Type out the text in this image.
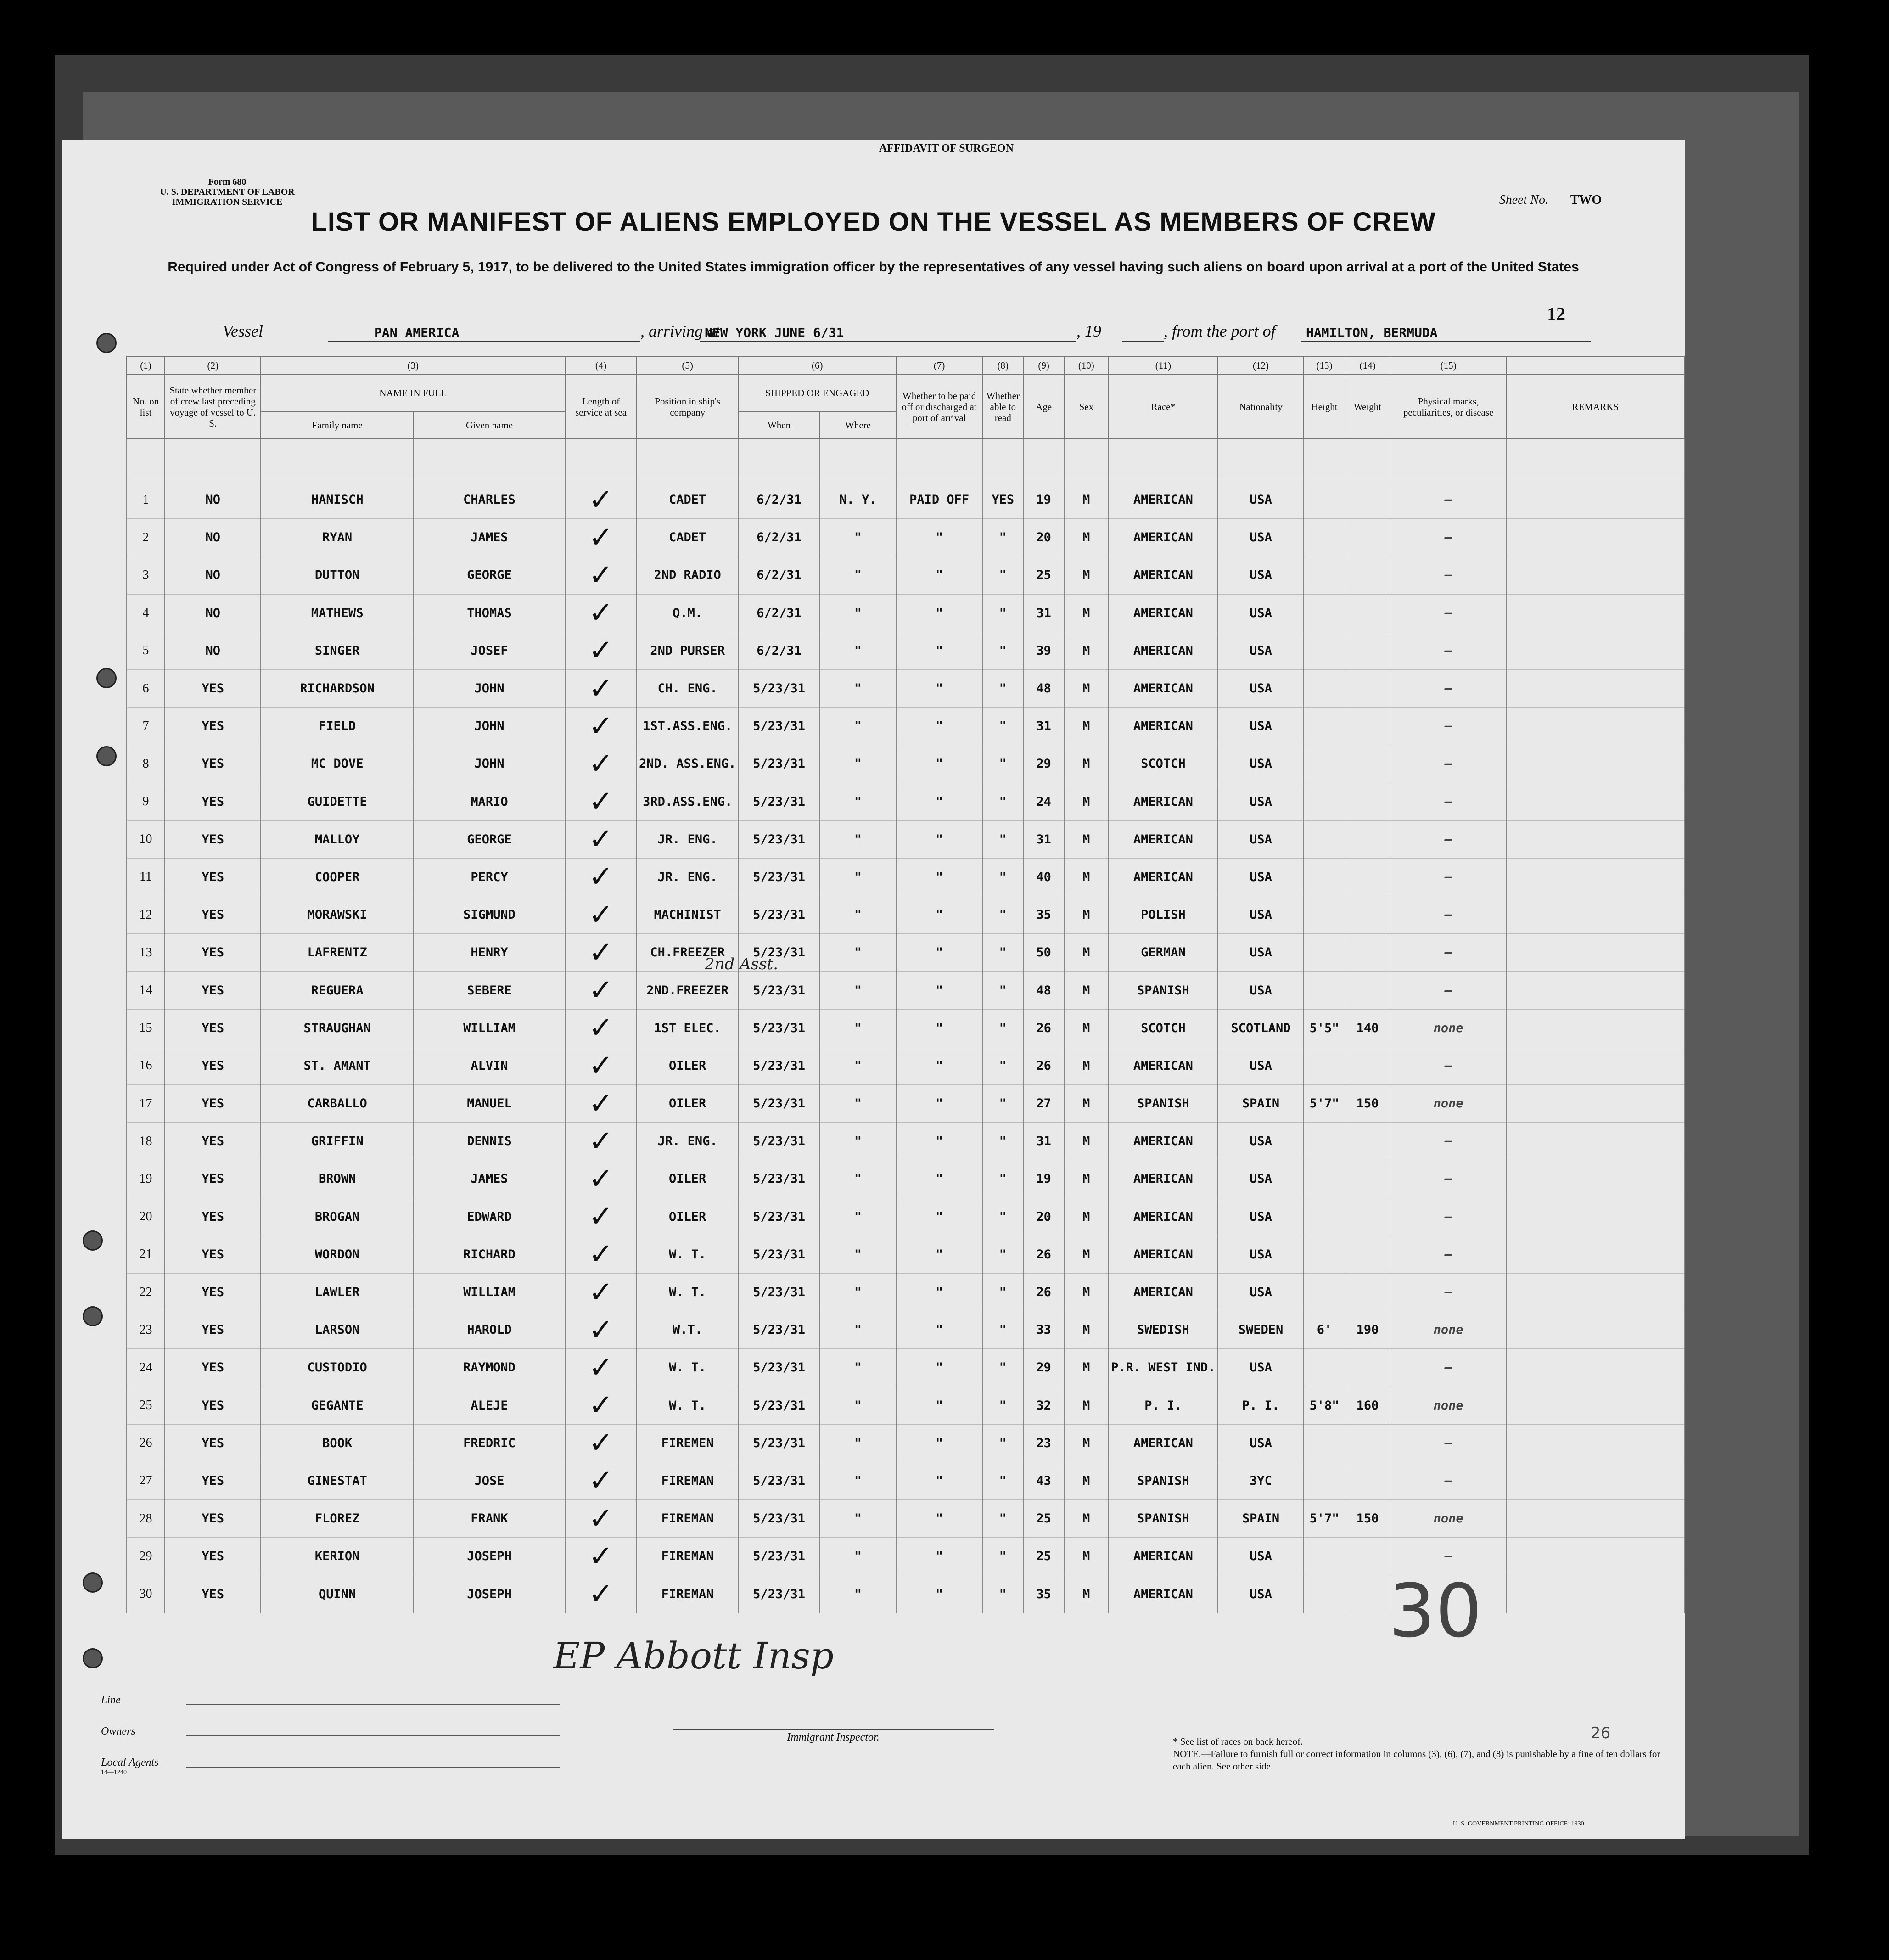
AFFIDAVIT OF SURGEON
Form 680
U. S. DEPARTMENT OF LABOR
IMMIGRATION SERVICE	Sheet No. TWO
LIST OR MANIFEST OF ALIENS EMPLOYED ON THE VESSEL AS MEMBERS OF CREW
Required under Act of Congress of February 5, 1917, to be delivered to the United States immigration officer by the representatives of any vessel having such aliens on board upon arrival at a port of the United States
Vessel	PAN AMERICA	, arriving at
NEW YORK JUNE 6/31	, 19	, from the port of HAMILTON, BERMUDA
12
(1)	(2)	(3)		(4)	(5)	(6)		(7)	(8)	(9)	(10)	(11)	(12)	(13)	(14)	(15)	
No. on list	State whether member of crew last preceding voyage of vessel to U. S.	NAME IN FULL		Length of service at sea	Position in ship's company	SHIPPED OR ENGAGED		Whether to be paid off or discharged at port of arrival	Whether able to read	Age	Sex	Race*	Nationality	Height	Weight	Physical marks, peculiarities, or disease	REMARKS
		Family name	Given name			When	Where										

1	NO	HANISCH	CHARLES	✓	CADET	6/2/31	N. Y.	PAID OFF	YES	19	M	AMERICAN	USA			—	
2	NO	RYAN	JAMES	✓	CADET	6/2/31	"	"	"	20	M	AMERICAN	USA			—	
3	NO	DUTTON	GEORGE	✓	2ND RADIO	6/2/31	"	"	"	25	M	AMERICAN	USA			—	
4	NO	MATHEWS	THOMAS	✓	Q.M.	6/2/31	"	"	"	31	M	AMERICAN	USA			—	
5	NO	SINGER	JOSEF	✓	2ND PURSER	6/2/31	"	"	"	39	M	AMERICAN	USA			—	
6	YES	RICHARDSON	JOHN	✓	CH. ENG.	5/23/31	"	"	"	48	M	AMERICAN	USA			—	
7	YES	FIELD	JOHN	✓	1ST.ASS.ENG.	5/23/31	"	"	"	31	M	AMERICAN	USA			—	
8	YES	MC DOVE	JOHN	✓	2ND. ASS.ENG.	5/23/31	"	"	"	29	M	SCOTCH	USA			—	
9	YES	GUIDETTE	MARIO	✓	3RD.ASS.ENG.	5/23/31	"	"	"	24	M	AMERICAN	USA			—	
10	YES	MALLOY	GEORGE	✓	JR. ENG.	5/23/31	"	"	"	31	M	AMERICAN	USA			—	
11	YES	COOPER	PERCY	✓	JR. ENG.	5/23/31	"	"	"	40	M	AMERICAN	USA			—	
12	YES	MORAWSKI	SIGMUND	✓	MACHINIST	5/23/31	"	"	"	35	M	POLISH	USA			—	
13	YES	LAFRENTZ	HENRY	✓	CH.FREEZER	5/23/31	"	"	"	50	M	GERMAN	USA			—	
14	YES	REGUERA	SEBERE	✓	2ND.FREEZER	5/23/31	"	"	"	48	M	SPANISH	USA			—	
15	YES	STRAUGHAN	WILLIAM	✓	1ST ELEC.	5/23/31	"	"	"	26	M	SCOTCH	SCOTLAND	5'5"	140	none	
16	YES	ST. AMANT	ALVIN	✓	OILER	5/23/31	"	"	"	26	M	AMERICAN	USA			—	
17	YES	CARBALLO	MANUEL	✓	OILER	5/23/31	"	"	"	27	M	SPANISH	SPAIN	5'7"	150	none	
18	YES	GRIFFIN	DENNIS	✓	JR. ENG.	5/23/31	"	"	"	31	M	AMERICAN	USA			—	
19	YES	BROWN	JAMES	✓	OILER	5/23/31	"	"	"	19	M	AMERICAN	USA			—	
20	YES	BROGAN	EDWARD	✓	OILER	5/23/31	"	"	"	20	M	AMERICAN	USA			—	
21	YES	WORDON	RICHARD	✓	W. T.	5/23/31	"	"	"	26	M	AMERICAN	USA			—	
22	YES	LAWLER	WILLIAM	✓	W. T.	5/23/31	"	"	"	26	M	AMERICAN	USA			—	
23	YES	LARSON	HAROLD	✓	W.T.	5/23/31	"	"	"	33	M	SWEDISH	SWEDEN	6'	190	none	
24	YES	CUSTODIO	RAYMOND	✓	W. T.	5/23/31	"	"	"	29	M	P.R. WEST IND.	USA			—	
25	YES	GEGANTE	ALEJE	✓	W. T.	5/23/31	"	"	"	32	M	P. I.	P. I.	5'8"	160	none	
26	YES	BOOK	FREDRIC	✓	FIREMEN	5/23/31	"	"	"	23	M	AMERICAN	USA			—	
27	YES	GINESTAT	JOSE	✓	FIREMAN	5/23/31	"	"	"	43	M	SPANISH	3YC			—	
28	YES	FLOREZ	FRANK	✓	FIREMAN	5/23/31	"	"	"	25	M	SPANISH	SPAIN	5'7"	150	none	
29	YES	KERION	JOSEPH	✓	FIREMAN	5/23/31	"	"	"	25	M	AMERICAN	USA			—	
30	YES	QUINN	JOSEPH	✓	FIREMAN	5/23/31	"	"	"	35	M	AMERICAN	USA				
2nd Asst.
EP Abbott Insp
30
26
Line
Owners
Local Agents
14—1240
Immigrant Inspector.	* See list of races on back hereof.
NOTE.—Failure to furnish full or correct information in columns (3), (6), (7), and (8) is punishable by a fine of ten dollars for each alien. See other side.
U. S. GOVERNMENT PRINTING OFFICE: 1930
